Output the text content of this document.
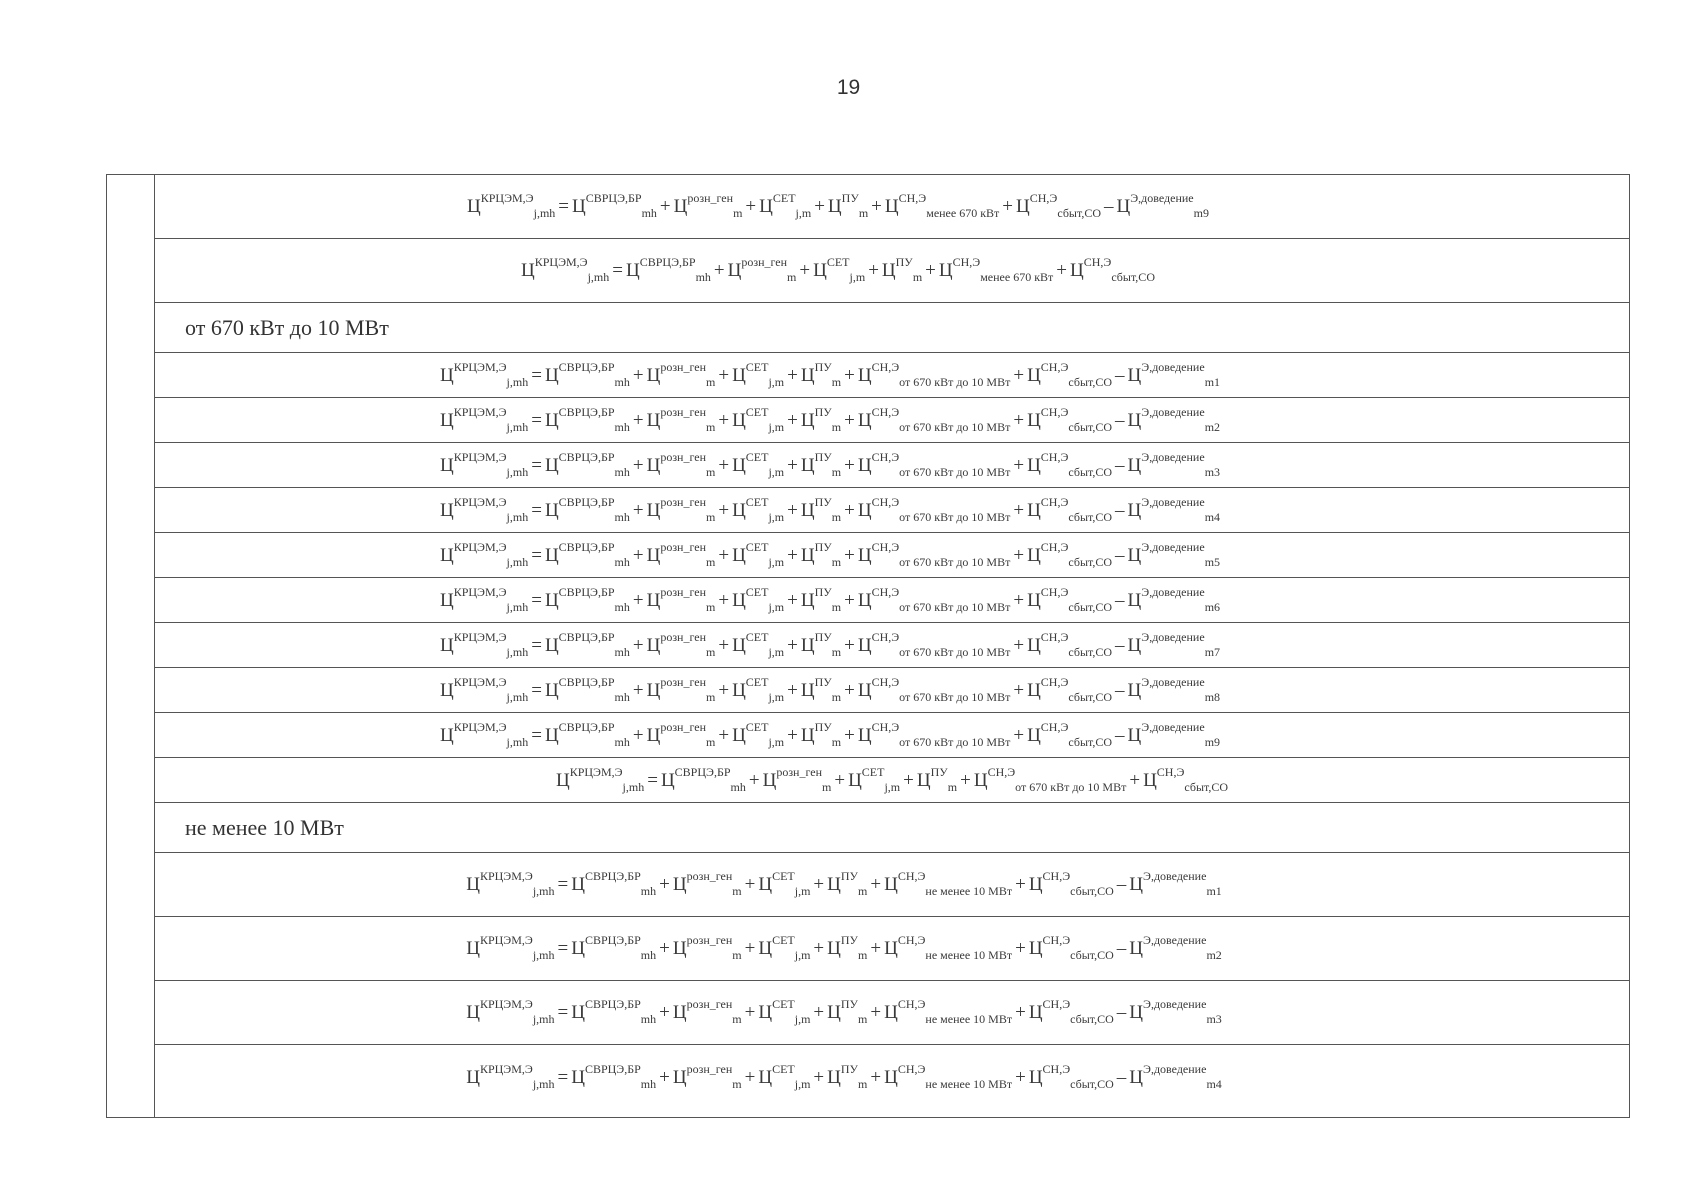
19
$Ц^{КРЦЭМ,Э}_{j,mh} = Ц^{СВРЦЭ,БР}_{mh} + Ц^{розн\_ген}_m + Ц^{СЕТ}_{j,m} + Ц^{ПУ}_m + Ц^{СН,Э}_{менее 670 кВт} + Ц^{СН,Э}_{сбыт,СО} - Ц^{Э,доведение}_{m9}$
$Ц^{КРЦЭМ,Э}_{j,mh} = Ц^{СВРЦЭ,БР}_{mh} + Ц^{розн\_ген}_m + Ц^{СЕТ}_{j,m} + Ц^{ПУ}_m + Ц^{СН,Э}_{менее 670 кВт} + Ц^{СН,Э}_{сбыт,СО}$
от 670 кВт до 10 МВт
$Ц^{КРЦЭМ,Э}_{j,mh} = Ц^{СВРЦЭ,БР}_{mh} + Ц^{розн\_ген}_m + Ц^{СЕТ}_{j,m} + Ц^{ПУ}_m + Ц^{СН,Э}_{от 670 кВт до 10 МВт} + Ц^{СН,Э}_{сбыт,СО} - Ц^{Э,доведение}_{m1}$
$Ц^{КРЦЭМ,Э}_{j,mh} = Ц^{СВРЦЭ,БР}_{mh} + Ц^{розн\_ген}_m + Ц^{СЕТ}_{j,m} + Ц^{ПУ}_m + Ц^{СН,Э}_{от 670 кВт до 10 МВт} + Ц^{СН,Э}_{сбыт,СО} - Ц^{Э,доведение}_{m2}$
$Ц^{КРЦЭМ,Э}_{j,mh} = Ц^{СВРЦЭ,БР}_{mh} + Ц^{розн\_ген}_m + Ц^{СЕТ}_{j,m} + Ц^{ПУ}_m + Ц^{СН,Э}_{от 670 кВт до 10 МВт} + Ц^{СН,Э}_{сбыт,СО} - Ц^{Э,доведение}_{m3}$
$Ц^{КРЦЭМ,Э}_{j,mh} = Ц^{СВРЦЭ,БР}_{mh} + Ц^{розн\_ген}_m + Ц^{СЕТ}_{j,m} + Ц^{ПУ}_m + Ц^{СН,Э}_{от 670 кВт до 10 МВт} + Ц^{СН,Э}_{сбыт,СО} - Ц^{Э,доведение}_{m4}$
$Ц^{КРЦЭМ,Э}_{j,mh} = Ц^{СВРЦЭ,БР}_{mh} + Ц^{розн\_ген}_m + Ц^{СЕТ}_{j,m} + Ц^{ПУ}_m + Ц^{СН,Э}_{от 670 кВт до 10 МВт} + Ц^{СН,Э}_{сбыт,СО} - Ц^{Э,доведение}_{m5}$
$Ц^{КРЦЭМ,Э}_{j,mh} = Ц^{СВРЦЭ,БР}_{mh} + Ц^{розн\_ген}_m + Ц^{СЕТ}_{j,m} + Ц^{ПУ}_m + Ц^{СН,Э}_{от 670 кВт до 10 МВт} + Ц^{СН,Э}_{сбыт,СО} - Ц^{Э,доведение}_{m6}$
$Ц^{КРЦЭМ,Э}_{j,mh} = Ц^{СВРЦЭ,БР}_{mh} + Ц^{розн\_ген}_m + Ц^{СЕТ}_{j,m} + Ц^{ПУ}_m + Ц^{СН,Э}_{от 670 кВт до 10 МВт} + Ц^{СН,Э}_{сбыт,СО} - Ц^{Э,доведение}_{m7}$
$Ц^{КРЦЭМ,Э}_{j,mh} = Ц^{СВРЦЭ,БР}_{mh} + Ц^{розн\_ген}_m + Ц^{СЕТ}_{j,m} + Ц^{ПУ}_m + Ц^{СН,Э}_{от 670 кВт до 10 МВт} + Ц^{СН,Э}_{сбыт,СО} - Ц^{Э,доведение}_{m8}$
$Ц^{КРЦЭМ,Э}_{j,mh} = Ц^{СВРЦЭ,БР}_{mh} + Ц^{розн\_ген}_m + Ц^{СЕТ}_{j,m} + Ц^{ПУ}_m + Ц^{СН,Э}_{от 670 кВт до 10 МВт} + Ц^{СН,Э}_{сбыт,СО} - Ц^{Э,доведение}_{m9}$
$Ц^{КРЦЭМ,Э}_{j,mh} = Ц^{СВРЦЭ,БР}_{mh} + Ц^{розн\_ген}_m + Ц^{СЕТ}_{j,m} + Ц^{ПУ}_m + Ц^{СН,Э}_{от 670 кВт до 10 МВт} + Ц^{СН,Э}_{сбыт,СО}$
не менее 10 МВт
$Ц^{КРЦЭМ,Э}_{j,mh} = Ц^{СВРЦЭ,БР}_{mh} + Ц^{розн\_ген}_m + Ц^{СЕТ}_{j,m} + Ц^{ПУ}_m + Ц^{СН,Э}_{не менее 10 МВт} + Ц^{СН,Э}_{сбыт,СО} - Ц^{Э,доведение}_{m1}$
$Ц^{КРЦЭМ,Э}_{j,mh} = Ц^{СВРЦЭ,БР}_{mh} + Ц^{розн\_ген}_m + Ц^{СЕТ}_{j,m} + Ц^{ПУ}_m + Ц^{СН,Э}_{не менее 10 МВт} + Ц^{СН,Э}_{сбыт,СО} - Ц^{Э,доведение}_{m2}$
$Ц^{КРЦЭМ,Э}_{j,mh} = Ц^{СВРЦЭ,БР}_{mh} + Ц^{розн\_ген}_m + Ц^{СЕТ}_{j,m} + Ц^{ПУ}_m + Ц^{СН,Э}_{не менее 10 МВт} + Ц^{СН,Э}_{сбыт,СО} - Ц^{Э,доведение}_{m3}$
$Ц^{КРЦЭМ,Э}_{j,mh} = Ц^{СВРЦЭ,БР}_{mh} + Ц^{розн\_ген}_m + Ц^{СЕТ}_{j,m} + Ц^{ПУ}_m + Ц^{СН,Э}_{не менее 10 МВт} + Ц^{СН,Э}_{сбыт,СО} - Ц^{Э,доведение}_{m4}$
